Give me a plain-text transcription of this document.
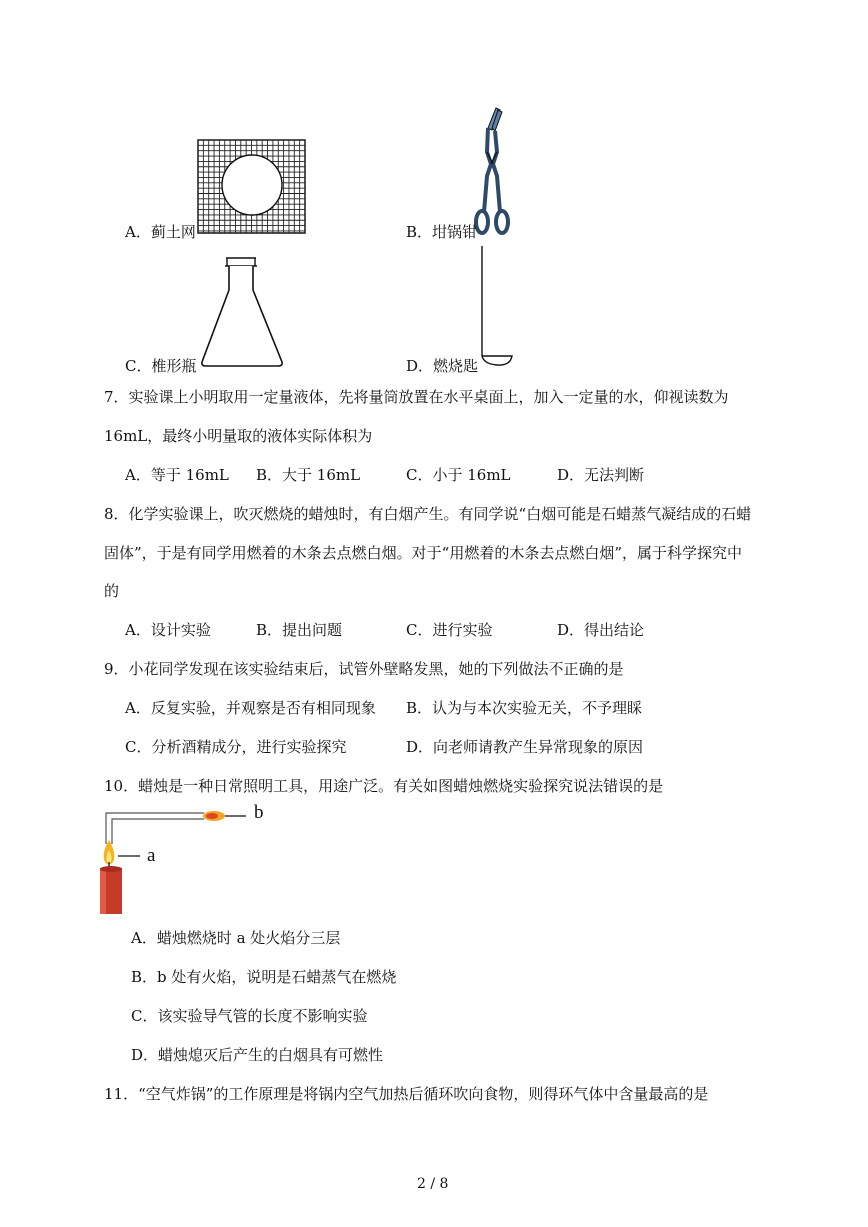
A．蓟土网	B．坩锅钳
C．椎形瓶	D．燃烧匙
7．实验课上小明取用一定量液体，先将量筒放置在水平桌面上，加入一定量的水，仰视读数为
16mL，最终小明量取的液体实际体积为
A．等于 16mL B．大于 16mL	C．小于 16mL	D．无法判断
8．化学实验课上，吹灭燃烧的蜡烛时，有白烟产生。有同学说“白烟可能是石蜡蒸气凝结成的石蜡
固体”，于是有同学用燃着的木条去点燃白烟。对于“用燃着的木条去点燃白烟”，属于科学探究中
的
A．设计实验	B．提出问题	C．进行实验	D．得出结论
9．小花同学发现在该实验结束后，试管外壁略发黑，她的下列做法不正确的是
A．反复实验，并观察是否有相同现象 B．认为与本次实验无关，不予理睬
C．分析酒精成分，进行实验探究	D．向老师请教产生异常现象的原因
10．蜡烛是一种日常照明工具，用途广泛。有关如图蜡烛燃烧实验探究说法错误的是
b
a
A．蜡烛燃烧时 a 处火焰分三层
B．b 处有火焰，说明是石蜡蒸气在燃烧
C．该实验导气管的长度不影响实验
D．蜡烛熄灭后产生的白烟具有可燃性
11．“空气炸锅”的工作原理是将锅内空气加热后循环吹向食物，则得环气体中含量最高的是
2 / 8
